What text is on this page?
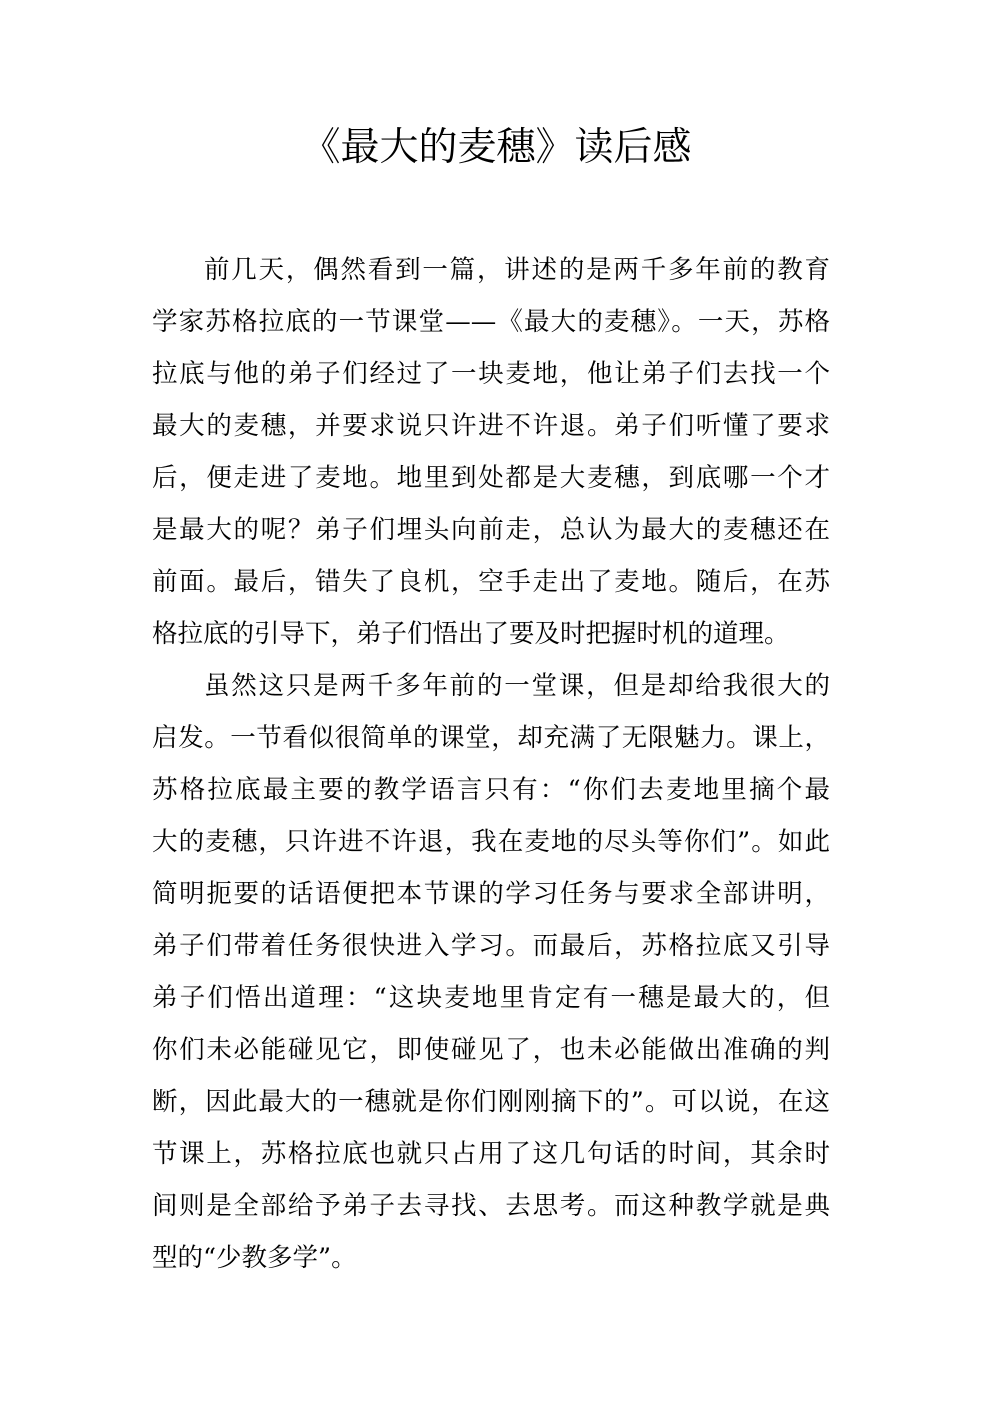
《最大的麦穗》读后感
前几天，偶然看到一篇，讲述的是两千多年前的教育
学家苏格拉底的一节课堂——《最大的麦穗》。一天，苏格
拉底与他的弟子们经过了一块麦地，他让弟子们去找一个
最大的麦穗，并要求说只许进不许退。弟子们听懂了要求
后，便走进了麦地。地里到处都是大麦穗，到底哪一个才
是最大的呢？弟子们埋头向前走，总认为最大的麦穗还在
前面。最后，错失了良机，空手走出了麦地。随后，在苏
格拉底的引导下，弟子们悟出了要及时把握时机的道理。
虽然这只是两千多年前的一堂课，但是却给我很大的
启发。一节看似很简单的课堂，却充满了无限魅力。课上，
苏格拉底最主要的教学语言只有：“你们去麦地里摘个最
大的麦穗，只许进不许退，我在麦地的尽头等你们”。如此
简明扼要的话语便把本节课的学习任务与要求全部讲明，
弟子们带着任务很快进入学习。而最后，苏格拉底又引导
弟子们悟出道理：“这块麦地里肯定有一穗是最大的，但
你们未必能碰见它，即使碰见了，也未必能做出准确的判
断，因此最大的一穗就是你们刚刚摘下的”。可以说，在这
节课上，苏格拉底也就只占用了这几句话的时间，其余时
间则是全部给予弟子去寻找、去思考。而这种教学就是典
型的“少教多学”。
